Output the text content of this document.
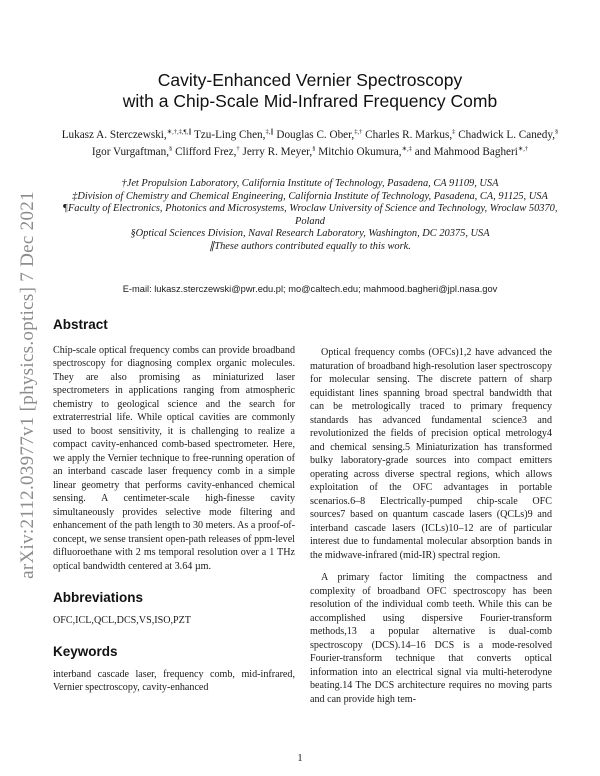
arXiv:2112.03977v1 [physics.optics] 7 Dec 2021
Cavity-Enhanced Vernier Spectroscopy
with a Chip-Scale Mid-Infrared Frequency Comb
Lukasz A. Sterczewski,∗,†,‡,¶,∥ Tzu-Ling Chen,‡,∥ Douglas C. Ober,‡,† Charles R. Markus,‡ Chadwick L. Canedy,§ Igor Vurgaftman,§ Clifford Frez,† Jerry R. Meyer,§ Mitchio Okumura,∗,‡ and Mahmood Bagheri∗,†

†Jet Propulsion Laboratory, California Institute of Technology, Pasadena, CA 91109, USA

‡Division of Chemistry and Chemical Engineering, California Institute of Technology, Pasadena, CA, 91125, USA

¶Faculty of Electronics, Photonics and Microsystems, Wroclaw University of Science and Technology, Wroclaw 50370, Poland

§Optical Sciences Division, Naval Research Laboratory, Washington, DC 20375, USA

∥These authors contributed equally to this work.

E-mail: lukasz.sterczewski@pwr.edu.pl; mo@caltech.edu; mahmood.bagheri@jpl.nasa.gov
Abstract

Chip-scale optical frequency combs can provide broadband spectroscopy for diagnosing complex organic molecules. They are also promising as miniaturized laser spectrometers in applications ranging from atmospheric chemistry to geological science and the search for extraterrestrial life. While optical cavities are commonly used to boost sensitivity, it is challenging to realize a compact cavity-enhanced comb-based spectrometer. Here, we apply the Vernier technique to free-running operation of an interband cascade laser frequency comb in a simple linear geometry that performs cavity-enhanced chemical sensing. A centimeter-scale high-finesse cavity simultaneously provides selective mode filtering and enhancement of the path length to 30 meters. As a proof-of-concept, we sense transient open-path releases of ppm-level difluoroethane with 2 ms temporal resolution over a 1 THz optical bandwidth centered at 3.64 µm.

Abbreviations

OFC,ICL,QCL,DCS,VS,ISO,PZT

Keywords

interband cascade laser, frequency comb, mid-infrared, Vernier spectroscopy, cavity-enhanced

Optical frequency combs (OFCs)1,2 have advanced the maturation of broadband high-resolution laser spectroscopy for molecular sensing. The discrete pattern of sharp equidistant lines spanning broad spectral bandwidth that can be metrologically traced to primary frequency standards has advanced fundamental science3 and revolutionized the fields of precision optical metrology4 and chemical sensing.5 Miniaturization has transformed bulky laboratory-grade sources into compact emitters operating across diverse spectral regions, which allows exploitation of the OFC advantages in portable scenarios.6–8 Electrically-pumped chip-scale OFC sources7 based on quantum cascade lasers (QCLs)9 and interband cascade lasers (ICLs)10–12 are of particular interest due to fundamental molecular absorption bands in the midwave-infrared (mid-IR) spectral region.

A primary factor limiting the compactness and complexity of broadband OFC spectroscopy has been resolution of the individual comb teeth. While this can be accomplished using dispersive Fourier-transform methods,13 a popular alternative is dual-comb spectroscopy (DCS).14–16 DCS is a mode-resolved Fourier-transform technique that converts optical information into an electrical signal via multi-heterodyne beating.14 The DCS architecture requires no moving parts and can provide high tem-

1
